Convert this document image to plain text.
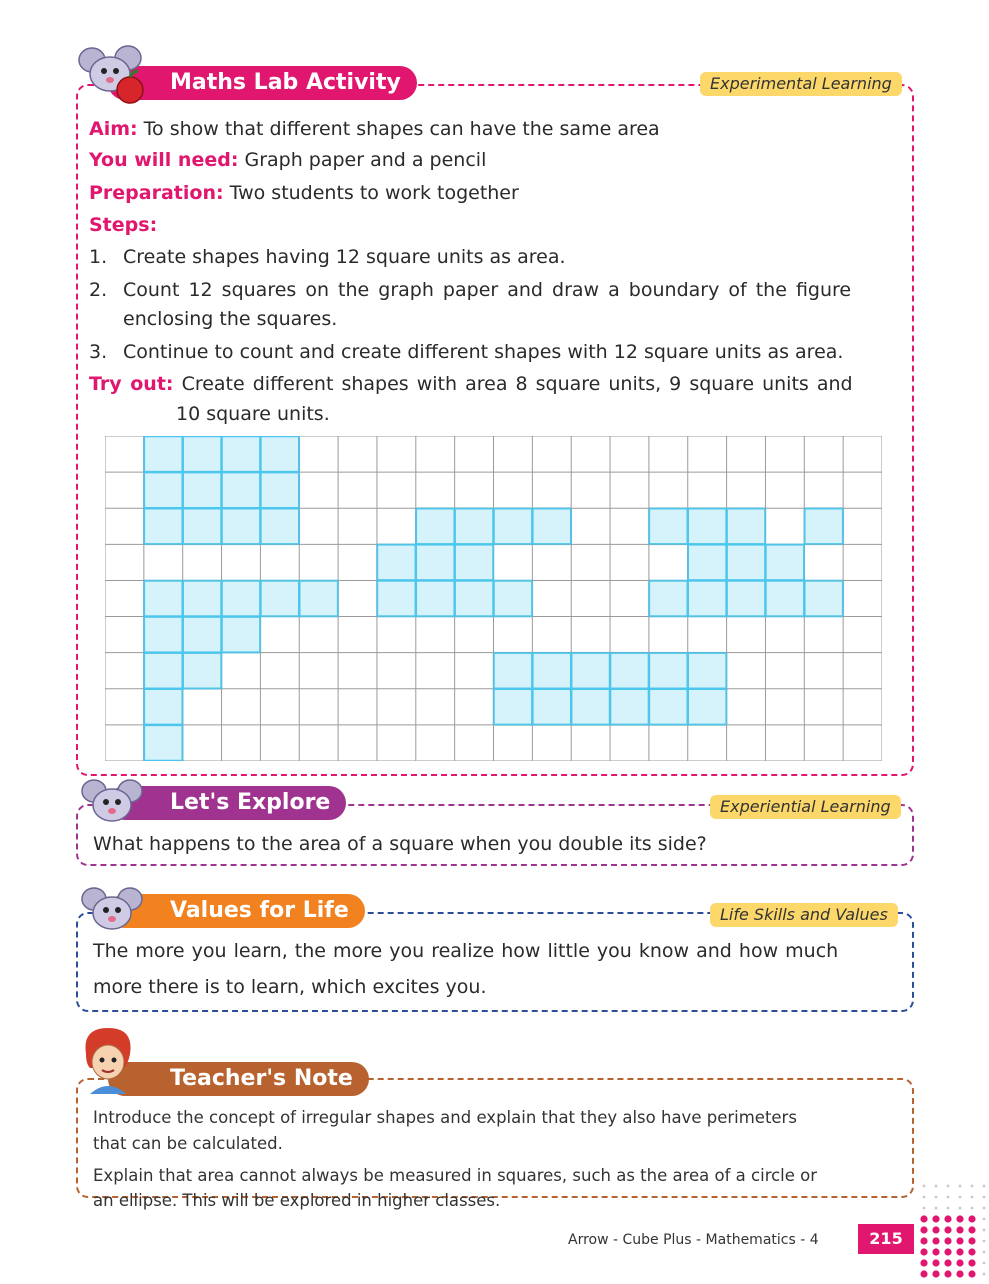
Maths Lab Activity	Experimental Learning
Aim: To show that different shapes can have the same area
You will need: Graph paper and a pencil
Preparation: Two students to work together
Steps:
1. Create shapes having 12 square units as area.
2. Count 12 squares on the graph paper and draw a boundary of the figure
enclosing the squares.
3. Continue to count and create different shapes with 12 square units as area.
Try out: Create different shapes with area 8 square units, 9 square units and
10 square units.
Let's Explore	Experiential Learning
What happens to the area of a square when you double its side?
Values for Life	Life Skills and Values
The more you learn, the more you realize how little you know and how much
more there is to learn, which excites you.
Teacher's Note
Introduce the concept of irregular shapes and explain that they also have perimeters
that can be calculated.
Explain that area cannot always be measured in squares, such as the area of a circle or
an ellipse. This will be explored in higher classes.
Arrow - Cube Plus - Mathematics - 4	215
